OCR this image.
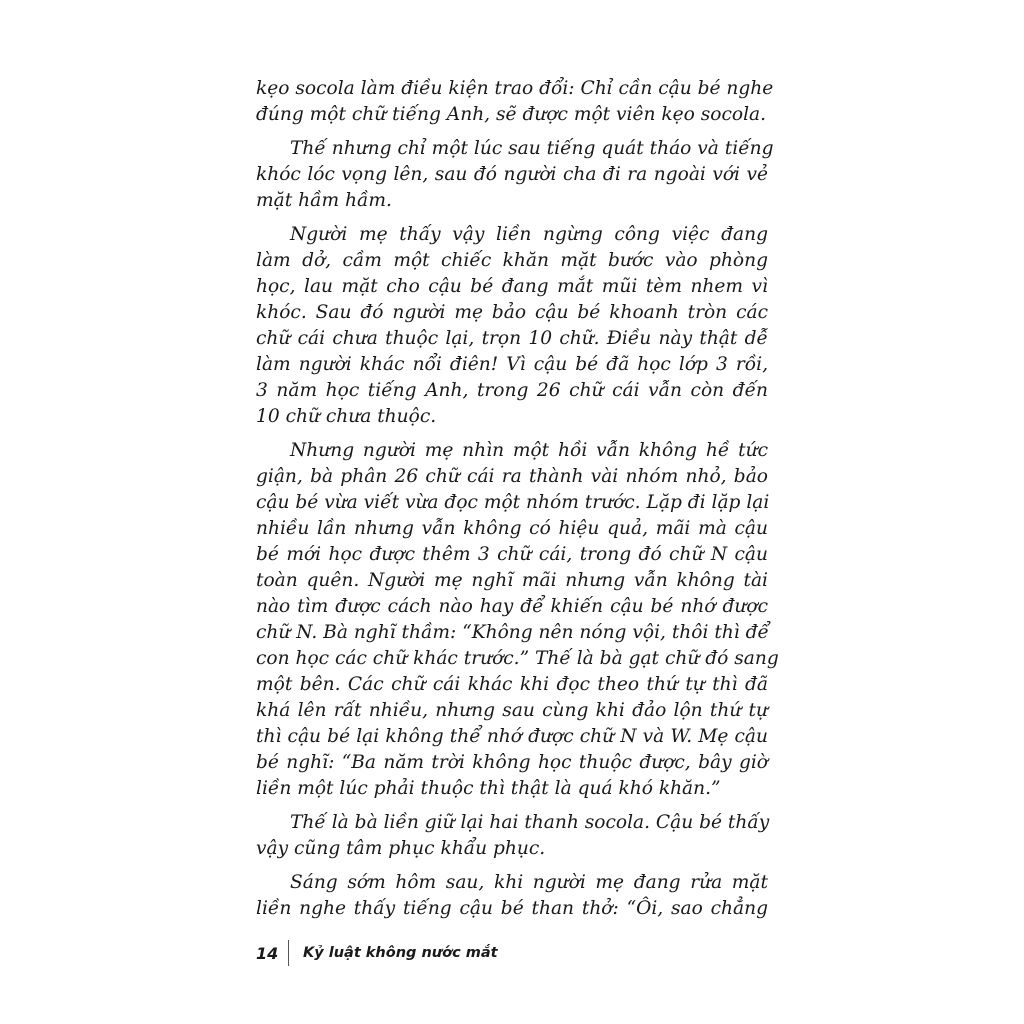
kẹo socola làm điều kiện trao đổi: Chỉ cần cậu bé nghe
đúng một chữ tiếng Anh, sẽ được một viên kẹo socola.
Thế nhưng chỉ một lúc sau tiếng quát tháo và tiếng
khóc lóc vọng lên, sau đó người cha đi ra ngoài với vẻ
mặt hầm hầm.
Người mẹ thấy vậy liền ngừng công việc đang
làm dở, cầm một chiếc khăn mặt bước vào phòng
học, lau mặt cho cậu bé đang mắt mũi tèm nhem vì
khóc. Sau đó người mẹ bảo cậu bé khoanh tròn các
chữ cái chưa thuộc lại, trọn 10 chữ. Điều này thật dễ
làm người khác nổi điên! Vì cậu bé đã học lớp 3 rồi,
3 năm học tiếng Anh, trong 26 chữ cái vẫn còn đến
10 chữ chưa thuộc.
Nhưng người mẹ nhìn một hồi vẫn không hề tức
giận, bà phân 26 chữ cái ra thành vài nhóm nhỏ, bảo
cậu bé vừa viết vừa đọc một nhóm trước. Lặp đi lặp lại
nhiều lần nhưng vẫn không có hiệu quả, mãi mà cậu
bé mới học được thêm 3 chữ cái, trong đó chữ N cậu
toàn quên. Người mẹ nghĩ mãi nhưng vẫn không tài
nào tìm được cách nào hay để khiến cậu bé nhớ được
chữ N. Bà nghĩ thầm: “Không nên nóng vội, thôi thì để
con học các chữ khác trước.” Thế là bà gạt chữ đó sang
một bên. Các chữ cái khác khi đọc theo thứ tự thì đã
khá lên rất nhiều, nhưng sau cùng khi đảo lộn thứ tự
thì cậu bé lại không thể nhớ được chữ N và W. Mẹ cậu
bé nghĩ: “Ba năm trời không học thuộc được, bây giờ
liền một lúc phải thuộc thì thật là quá khó khăn.”
Thế là bà liền giữ lại hai thanh socola. Cậu bé thấy
vậy cũng tâm phục khẩu phục.
Sáng sớm hôm sau, khi người mẹ đang rửa mặt
liền nghe thấy tiếng cậu bé than thở: “Ôi, sao chẳng
14	Kỷ luật không nước mắt
